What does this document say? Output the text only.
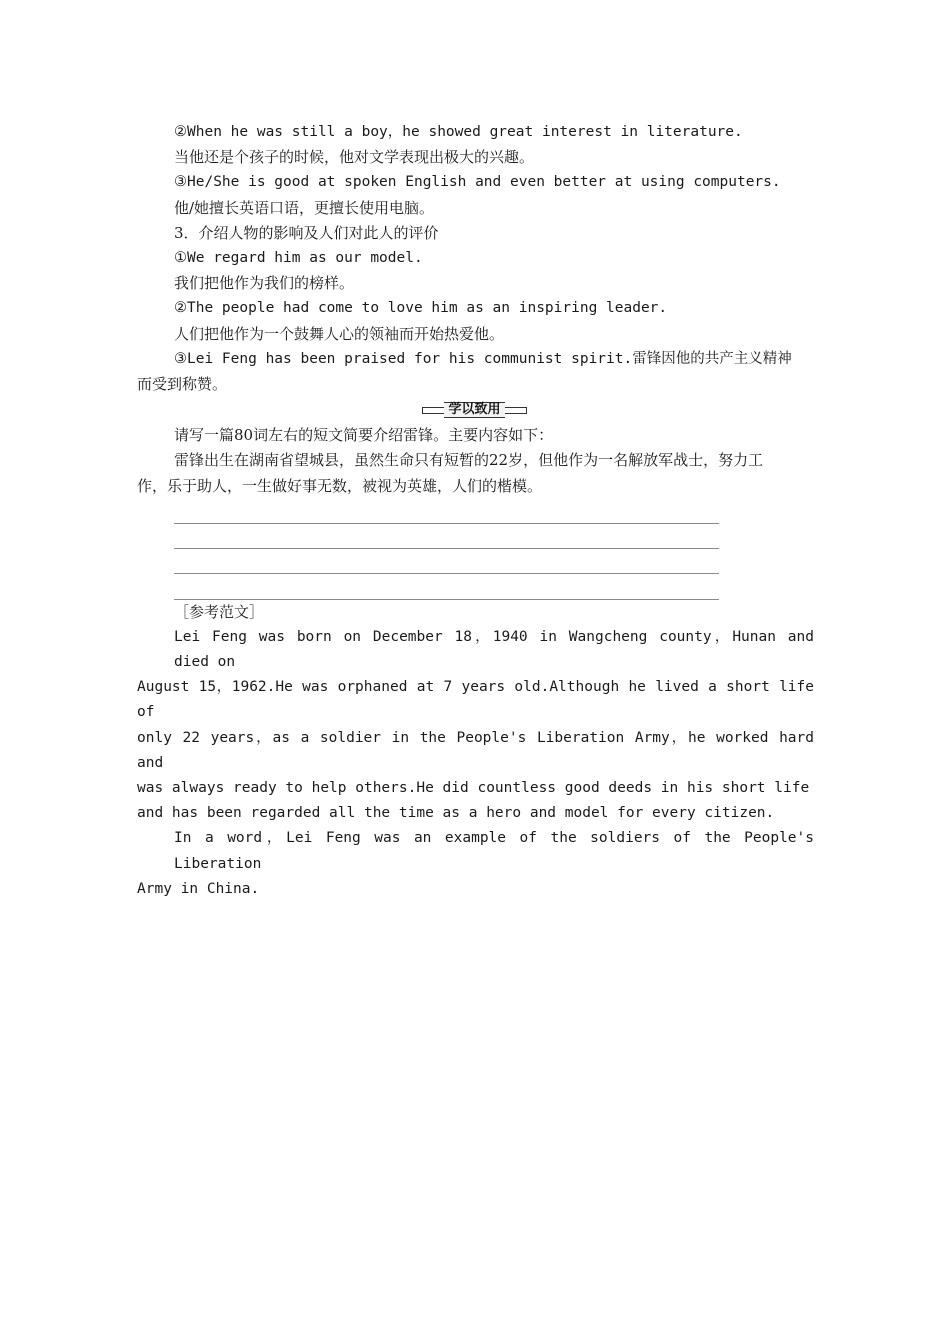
②When he was still a boy，he showed great interest in literature.
当他还是个孩子的时候，他对文学表现出极大的兴趣。
③He/She is good at spoken English and even better at using computers.
他/她擅长英语口语，更擅长使用电脑。
3．介绍人物的影响及人们对此人的评价
①We regard him as our model.
我们把他作为我们的榜样。
②The people had come to love him as an inspiring leader.
人们把他作为一个鼓舞人心的领袖而开始热爱他。
③Lei Feng has been praised for his communist spirit.雷锋因他的共产主义精神
而受到称赞。
学以致用
请写一篇80词左右的短文简要介绍雷锋。主要内容如下：
雷锋出生在湖南省望城县，虽然生命只有短暂的22岁，但他作为一名解放军战士，努力工
作，乐于助人，一生做好事无数，被视为英雄，人们的楷模。
［参考范文］
Lei Feng was born on December 18，1940 in Wangcheng county，Hunan and died on
August 15，1962.He was orphaned at 7 years old.Although he lived a short life of
only 22 years，as a soldier in the People's Liberation Army，he worked hard and
was always ready to help others.He did countless good deeds in his short life
and has been regarded all the time as a hero and model for every citizen.
In a word，Lei Feng was an example of the soldiers of the People's Liberation
Army in China.
